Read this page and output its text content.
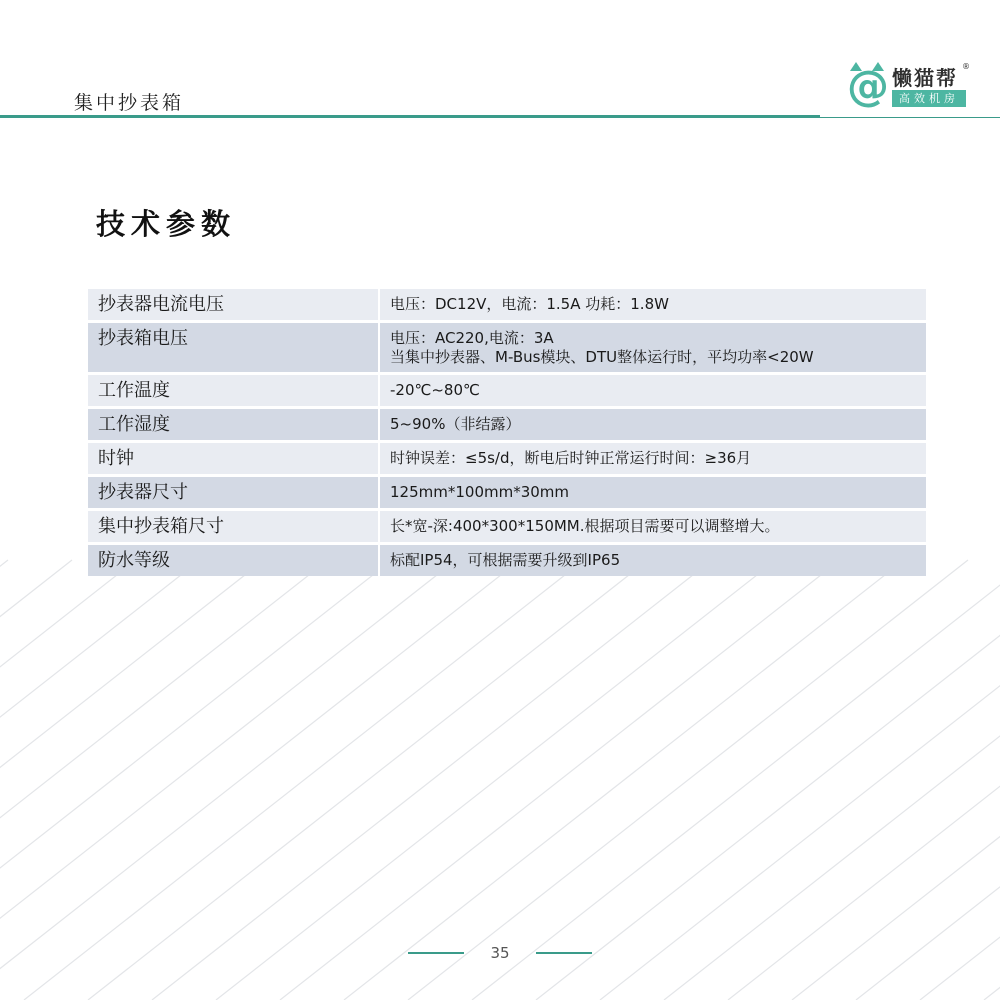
集中抄表箱	@ 懒猫帮 ®
高效机房
技术参数
抄表器电流电压	电压：DC12V，电流：1.5A 功耗：1.8W

抄表箱电压	电压：AC220,电流：3A
当集中抄表器、M-Bus模块、DTU整体运行时，平均功率<20W

工作温度	-20℃~80℃

工作湿度	5~90%（非结露）

时钟	时钟误差：≤5s/d，断电后时钟正常运行时间：≥36月

抄表器尺寸	125mm*100mm*30mm

集中抄表箱尺寸	长*宽-深:400*300*150MM.根据项目需要可以调整增大。

防水等级	标配IP54，可根据需要升级到IP65
35
